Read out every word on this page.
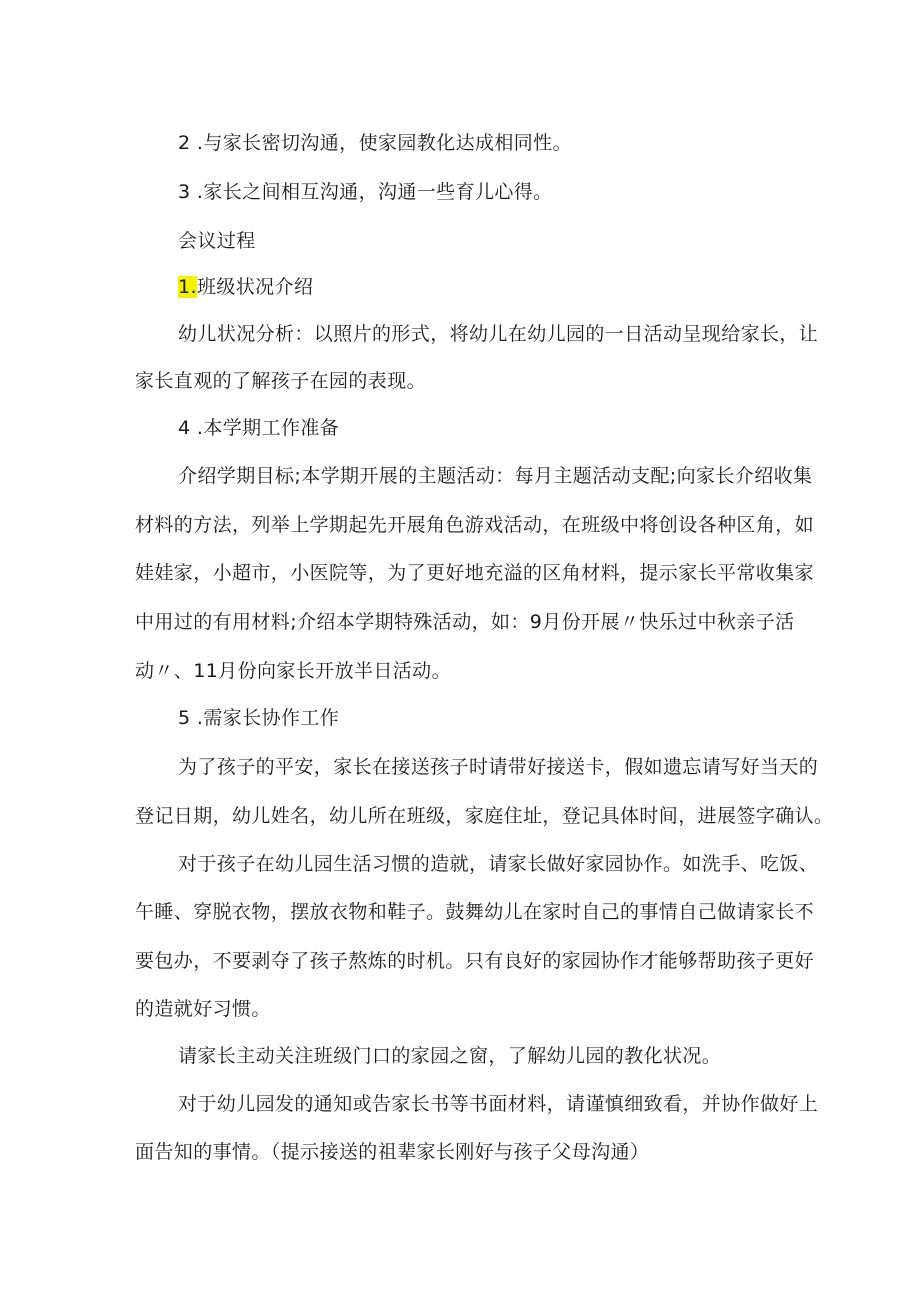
2 .与家长密切沟通，使家园教化达成相同性。
3 .家长之间相互沟通，沟通一些育儿心得。
会议过程
1.班级状况介绍
幼儿状况分析：以照片的形式，将幼儿在幼儿园的一日活动呈现给家长，让
家长直观的了解孩子在园的表现。
4 .本学期工作准备
介绍学期目标;本学期开展的主题活动：每月主题活动支配;向家长介绍收集
材料的方法，列举上学期起先开展角色游戏活动，在班级中将创设各种区角，如
娃娃家，小超市，小医院等，为了更好地充溢的区角材料，提示家长平常收集家
中用过的有用材料;介绍本学期特殊活动，如：9月份开展〃快乐过中秋亲子活
动〃、11月份向家长开放半日活动。
5 .需家长协作工作
为了孩子的平安，家长在接送孩子时请带好接送卡，假如遗忘请写好当天的
登记日期，幼儿姓名，幼儿所在班级，家庭住址，登记具体时间，进展签字确认。
对于孩子在幼儿园生活习惯的造就，请家长做好家园协作。如洗手、吃饭、
午睡、穿脱衣物，摆放衣物和鞋子。鼓舞幼儿在家时自己的事情自己做请家长不
要包办，不要剥夺了孩子熬炼的时机。只有良好的家园协作才能够帮助孩子更好
的造就好习惯。
请家长主动关注班级门口的家园之窗，了解幼儿园的教化状况。
对于幼儿园发的通知或告家长书等书面材料，请谨慎细致看，并协作做好上
面告知的事情。（提示接送的祖辈家长刚好与孩子父母沟通）
